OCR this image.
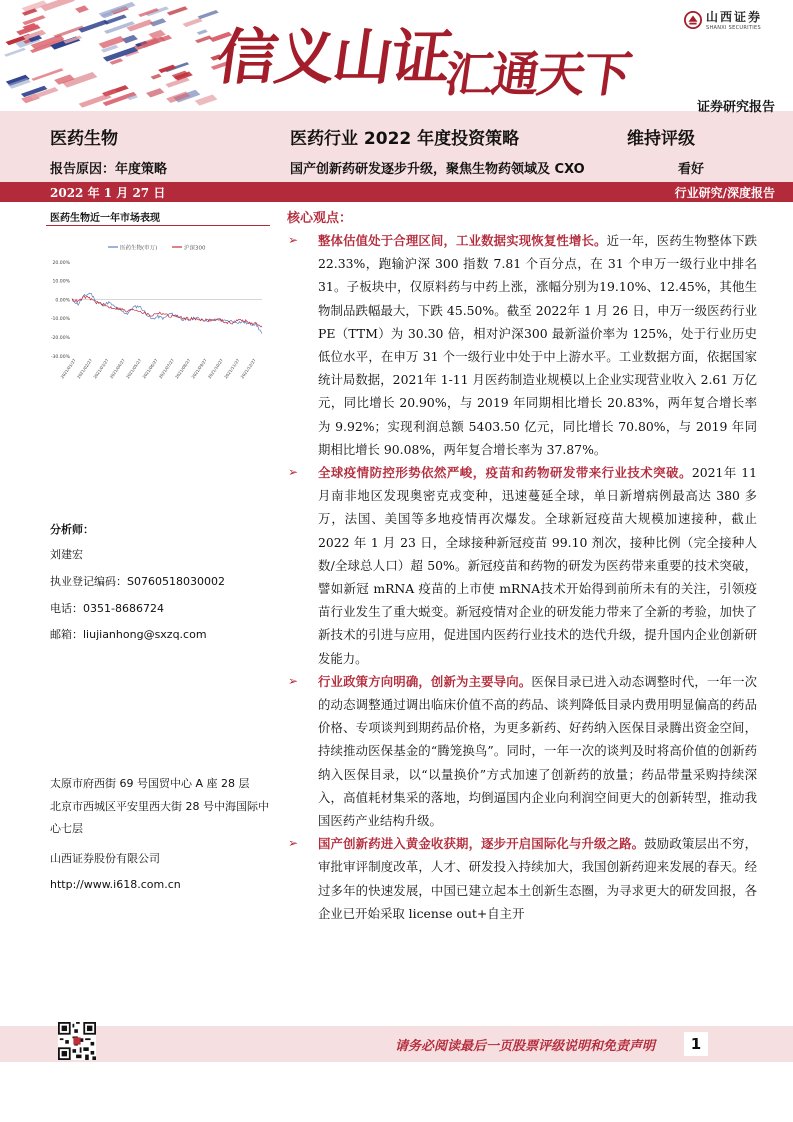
信义山证
汇通天下
山西证券
SHANXI SECURITIES
证券研究报告
医药生物	医药行业 2022 年度投资策略	维持评级
报告原因：年度策略	国产创新药研发逐步升级，聚焦生物药领域及 CXO	看好
2022 年 1 月 27 日	行业研究/深度报告
医药生物近一年市场表现
医药生物(申万)	沪深300
20.00%
10.00%
0.00%
-10.00%
-20.00%
-30.00%
2021/01/27 2021/02/27 2021/03/27 2021/04/27 2021/05/27 2021/06/27 2021/07/27 2021/08/27 2021/09/27 2021/10/27 2021/11/27 2021/12/27
分析师：
刘建宏
执业登记编码：S0760518030002
电话：0351-8686724
邮箱：liujianhong@sxzq.com
太原市府西街 69 号国贸中心 A 座 28 层
北京市西城区平安里西大街 28 号中海国际中心七层
山西证券股份有限公司
http://www.i618.com.cn
核心观点：
➢ 整体估值处于合理区间，工业数据实现恢复性增长。近一年，医药生物整体下跌 22.33%，跑输沪深 300 指数 7.81 个百分点，在 31 个申万一级行业中排名 31。子板块中，仅原料药与中药上涨，涨幅分别为19.10%、12.45%，其他生物制品跌幅最大，下跌 45.50%。截至 2022年 1 月 26 日，申万一级医药行业 PE（TTM）为 30.30 倍，相对沪深300 最新溢价率为 125%，处于行业历史低位水平，在申万 31 个一级行业中处于中上游水平。工业数据方面，依据国家统计局数据，2021年 1-11 月医药制造业规模以上企业实现营业收入 2.61 万亿元，同比增长 20.90%，与 2019 年同期相比增长 20.83%，两年复合增长率为 9.92%；实现利润总额 5403.50 亿元，同比增长 70.80%，与 2019 年同期相比增长 90.08%，两年复合增长率为 37.87%。
➢ 全球疫情防控形势依然严峻，疫苗和药物研发带来行业技术突破。2021年 11 月南非地区发现奥密克戎变种，迅速蔓延全球，单日新增病例最高达 380 多万，法国、美国等多地疫情再次爆发。全球新冠疫苗大规模加速接种，截止 2022 年 1 月 23 日，全球接种新冠疫苗 99.10 剂次，接种比例（完全接种人数/全球总人口）超 50%。新冠疫苗和药物的研发为医药带来重要的技术突破，譬如新冠 mRNA 疫苗的上市使 mRNA技术开始得到前所未有的关注，引领疫苗行业发生了重大蜕变。新冠疫情对企业的研发能力带来了全新的考验，加快了新技术的引进与应用，促进国内医药行业技术的迭代升级，提升国内企业创新研发能力。
➢ 行业政策方向明确，创新为主要导向。医保目录已进入动态调整时代，一年一次的动态调整通过调出临床价值不高的药品、谈判降低目录内费用明显偏高的药品价格、专项谈判到期药品价格，为更多新药、好药纳入医保目录腾出资金空间，持续推动医保基金的“腾笼换鸟”。同时，一年一次的谈判及时将高价值的创新药纳入医保目录，以“以量换价”方式加速了创新药的放量；药品带量采购持续深入，高值耗材集采的落地，均倒逼国内企业向利润空间更大的创新转型，推动我国医药产业结构升级。
➢ 国产创新药进入黄金收获期，逐步开启国际化与升级之路。鼓励政策层出不穷，审批审评制度改革，人才、研发投入持续加大，我国创新药迎来发展的春天。经过多年的快速发展，中国已建立起本土创新生态圈，为寻求更大的研发回报，各企业已开始采取 license out+自主开
请务必阅读最后一页股票评级说明和免责声明	1
